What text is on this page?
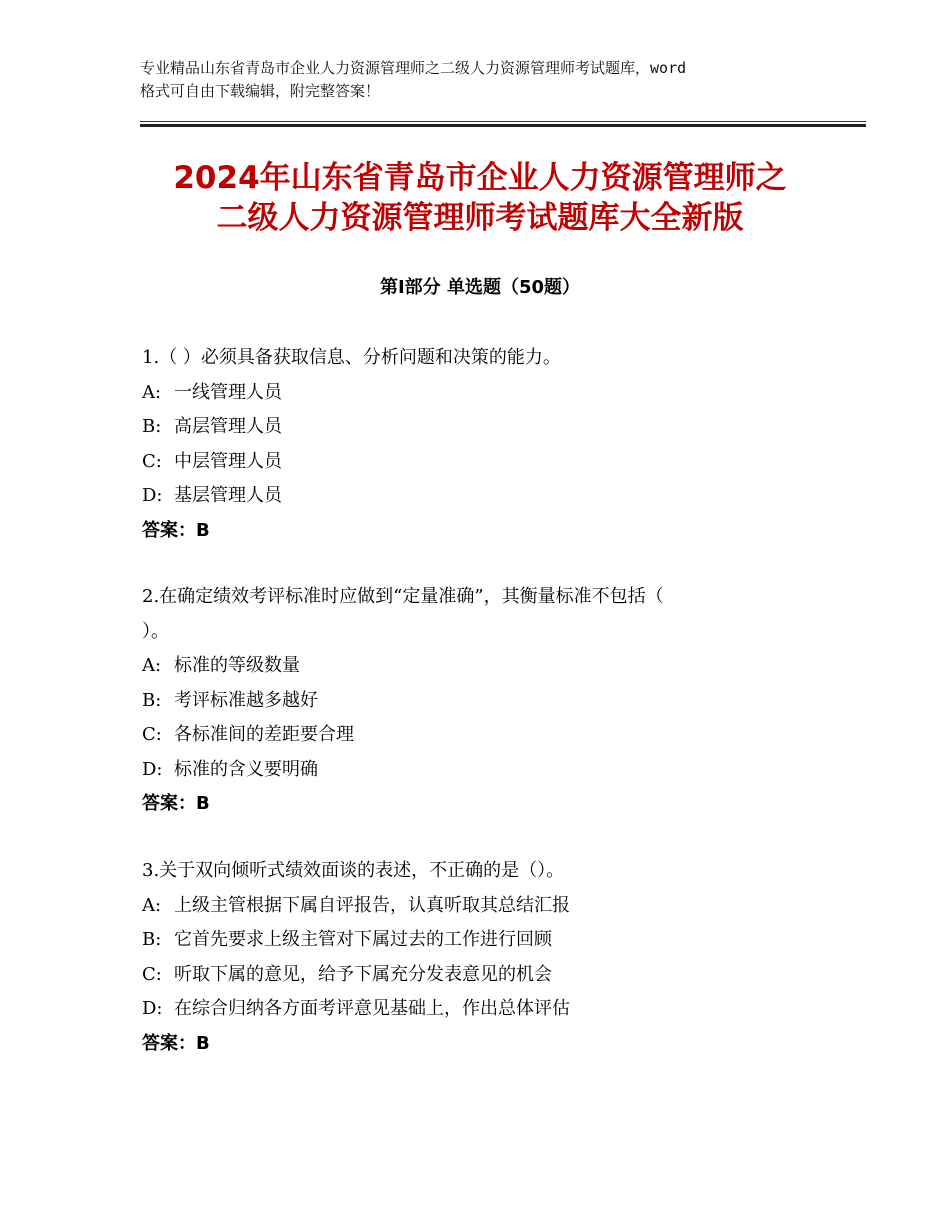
专业精品山东省青岛市企业人力资源管理师之二级人力资源管理师考试题库，word
格式可自由下载编辑，附完整答案！
2024年山东省青岛市企业人力资源管理师之
二级人力资源管理师考试题库大全新版
第Ⅰ部分 单选题（50题）
1.（ ）必须具备获取信息、分析问题和决策的能力。
A: 一线管理人员
B: 高层管理人员
C: 中层管理人员
D: 基层管理人员
答案：B
2.在确定绩效考评标准时应做到“定量准确”，其衡量标准不包括（
）。
A: 标准的等级数量
B: 考评标准越多越好
C: 各标准间的差距要合理
D: 标准的含义要明确
答案：B
3.关于双向倾听式绩效面谈的表述，不正确的是（）。
A: 上级主管根据下属自评报告，认真听取其总结汇报
B: 它首先要求上级主管对下属过去的工作进行回顾
C: 听取下属的意见，给予下属充分发表意见的机会
D: 在综合归纳各方面考评意见基础上，作出总体评估
答案：B
